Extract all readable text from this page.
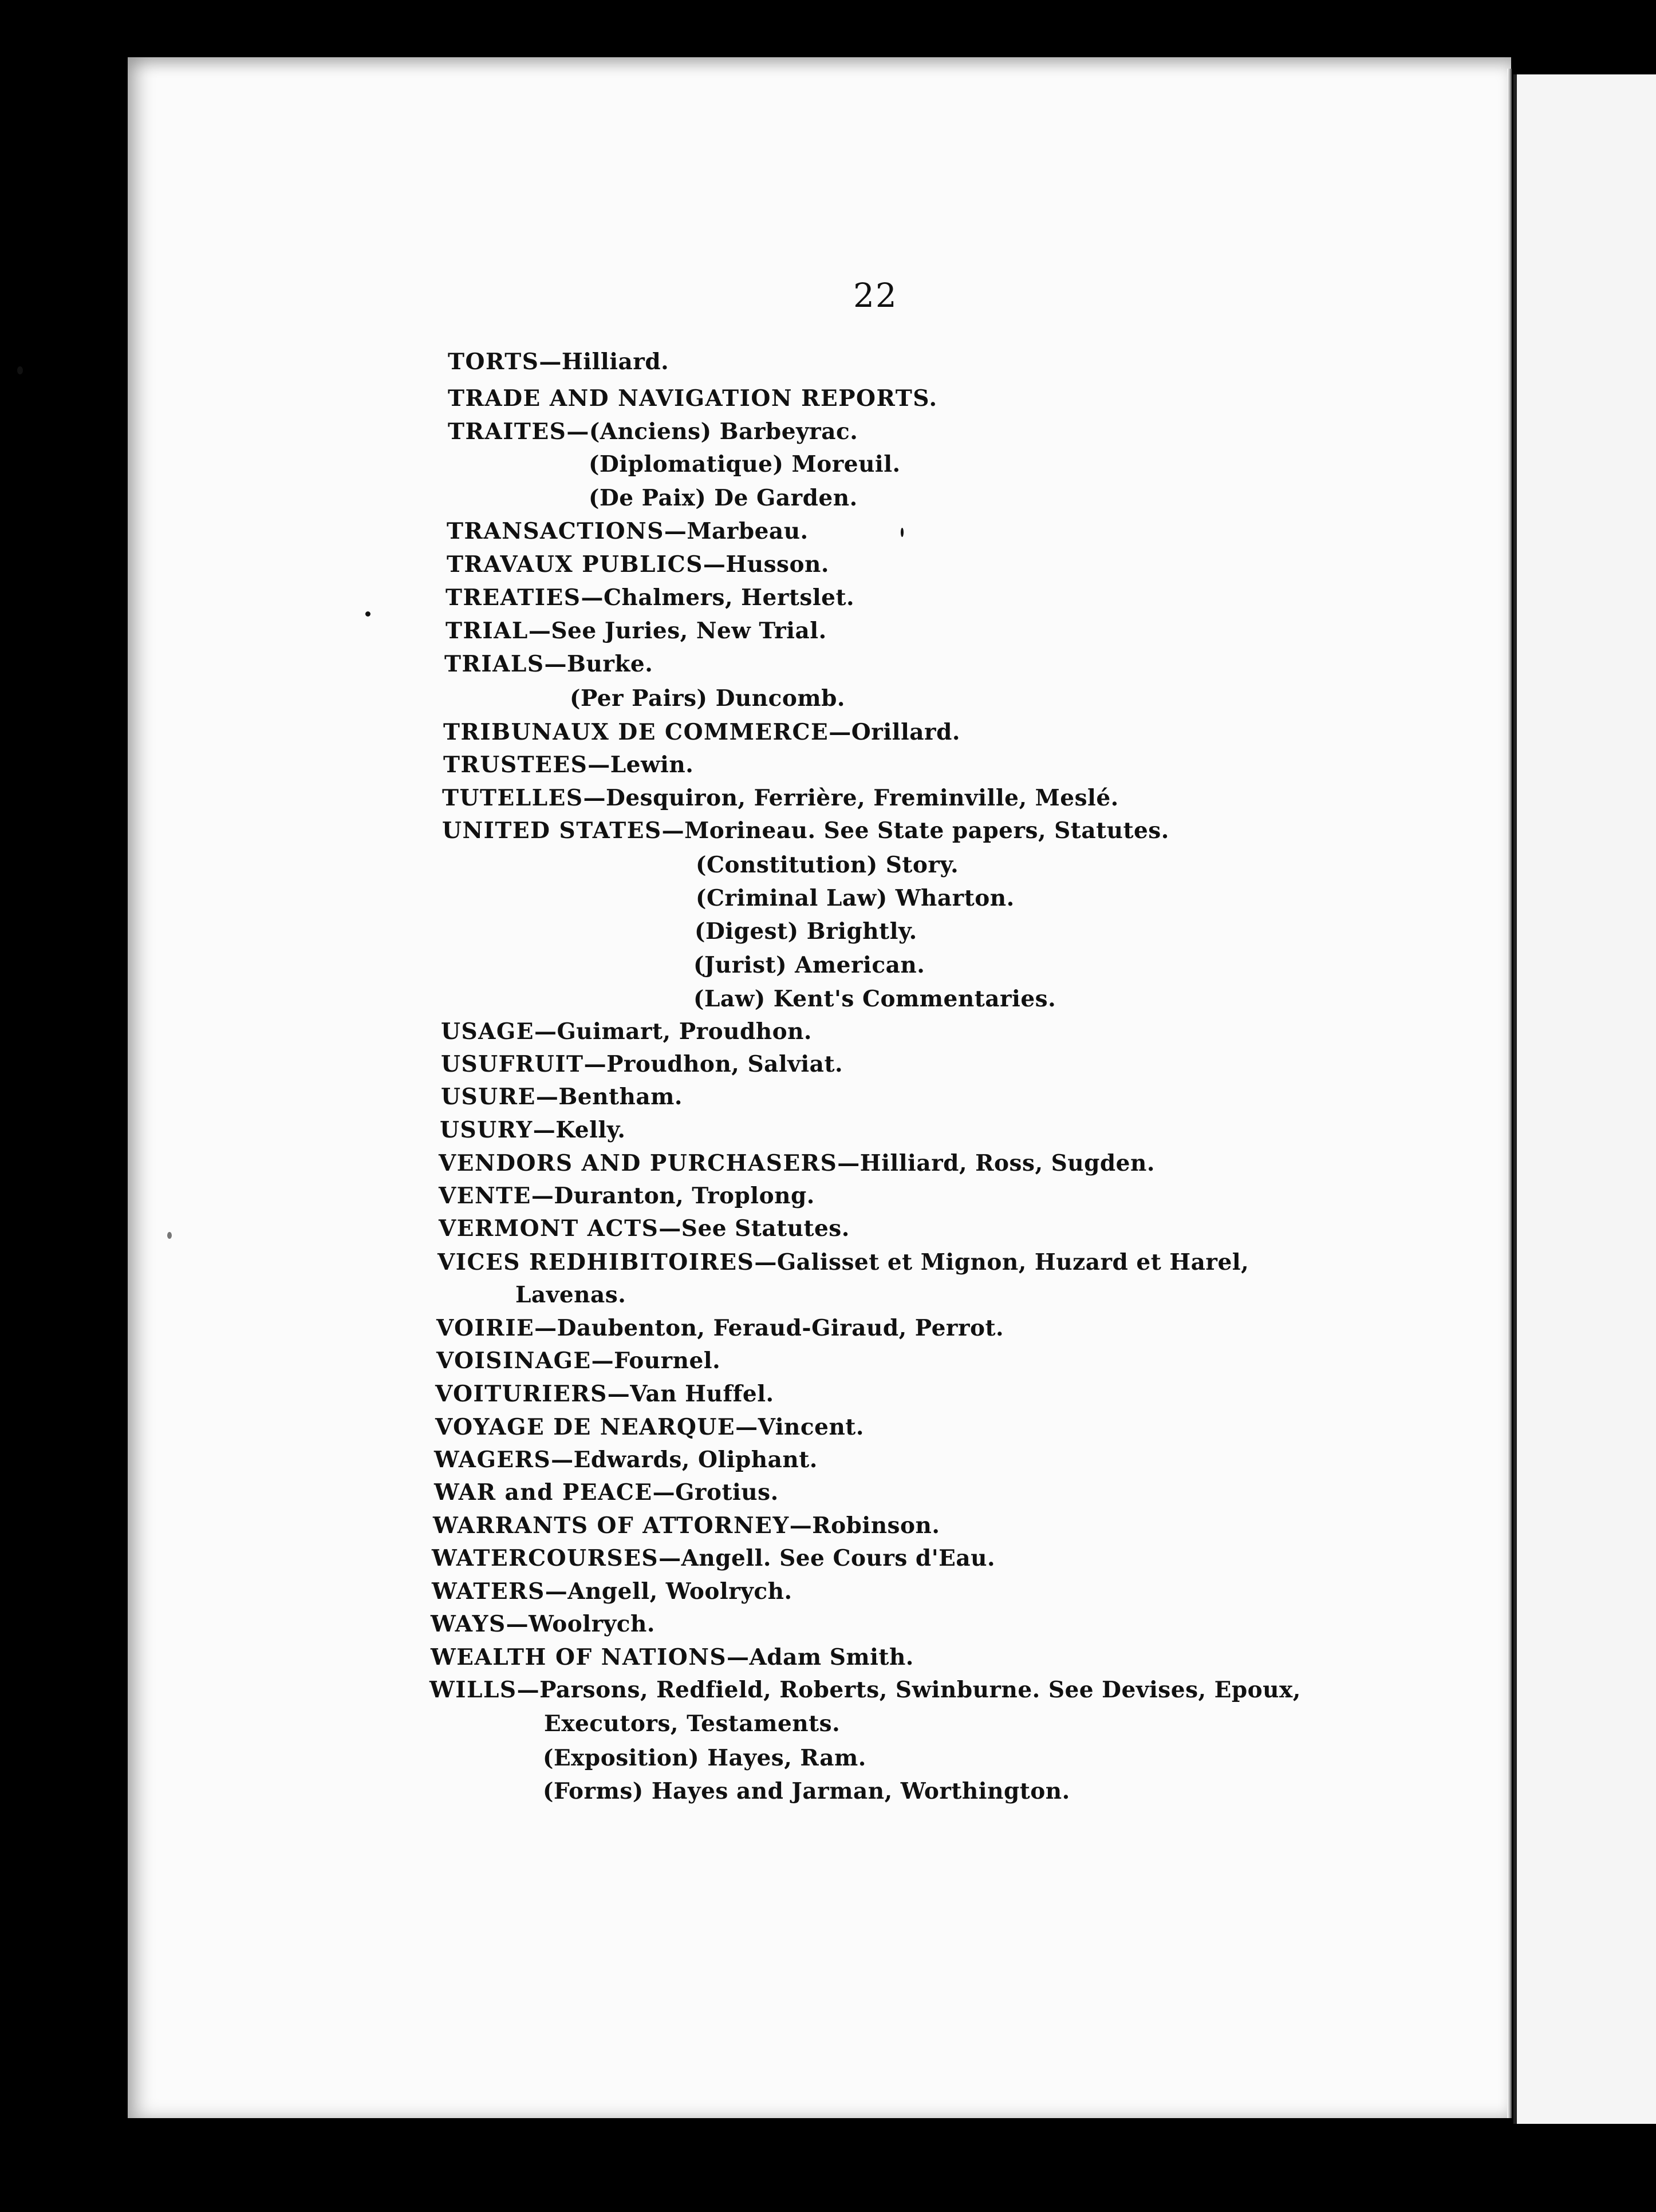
22
TORTS—Hilliard.
TRADE AND NAVIGATION REPORTS.
TRAITES—(Anciens) Barbeyrac.
(Diplomatique) Moreuil.
(De Paix) De Garden.
TRANSACTIONS—Marbeau.
TRAVAUX PUBLICS—Husson.
TREATIES—Chalmers, Hertslet.
TRIAL—See Juries, New Trial.
TRIALS—Burke.
(Per Pairs) Duncomb.
TRIBUNAUX DE COMMERCE—Orillard.
TRUSTEES—Lewin.
TUTELLES—Desquiron, Ferrière, Freminville, Meslé.
UNITED STATES—Morineau. See State papers, Statutes.
(Constitution) Story.
(Criminal Law) Wharton.
(Digest) Brightly.
(Jurist) American.
(Law) Kent's Commentaries.
USAGE—Guimart, Proudhon.
USUFRUIT—Proudhon, Salviat.
USURE—Bentham.
USURY—Kelly.
VENDORS AND PURCHASERS—Hilliard, Ross, Sugden.
VENTE—Duranton, Troplong.
VERMONT ACTS—See Statutes.
VICES REDHIBITOIRES—Galisset et Mignon, Huzard et Harel,
Lavenas.
VOIRIE—Daubenton, Feraud-Giraud, Perrot.
VOISINAGE—Fournel.
VOITURIERS—Van Huffel.
VOYAGE DE NEARQUE—Vincent.
WAGERS—Edwards, Oliphant.
WAR and PEACE—Grotius.
WARRANTS OF ATTORNEY—Robinson.
WATERCOURSES—Angell. See Cours d'Eau.
WATERS—Angell, Woolrych.
WAYS—Woolrych.
WEALTH OF NATIONS—Adam Smith.
WILLS—Parsons, Redfield, Roberts, Swinburne. See Devises, Epoux,
Executors, Testaments.
(Exposition) Hayes, Ram.
(Forms) Hayes and Jarman, Worthington.
